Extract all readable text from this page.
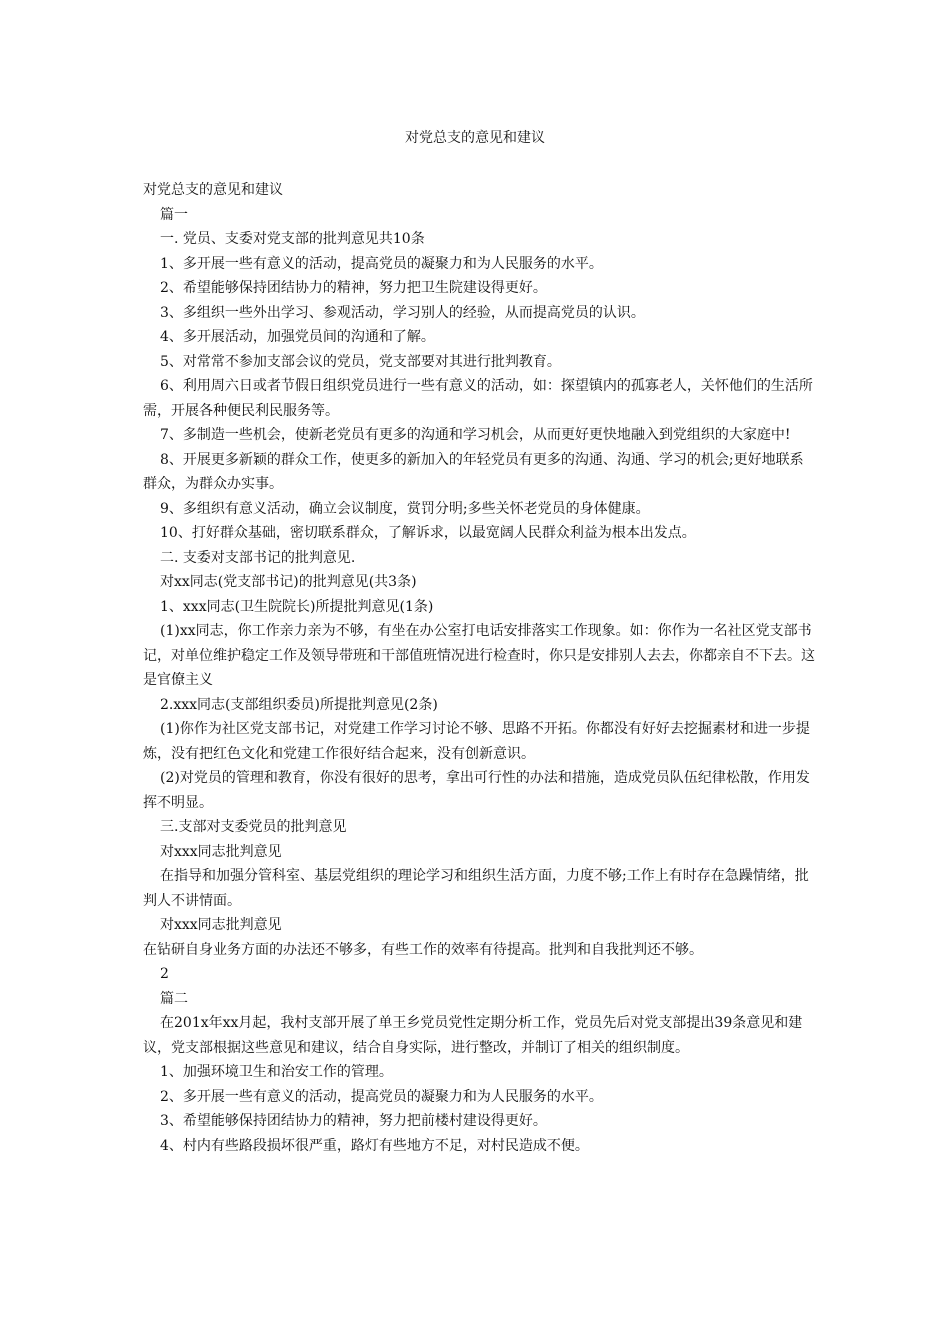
对党总支的意见和建议

对党总支的意见和建议

篇一

一. 党员、支委对党支部的批判意见共10条

1、多开展一些有意义的活动，提高党员的凝聚力和为人民服务的水平。

2、希望能够保持团结协力的精神，努力把卫生院建设得更好。

3、多组织一些外出学习、参观活动，学习别人的经验，从而提高党员的认识。

4、多开展活动，加强党员间的沟通和了解。

5、对常常不参加支部会议的党员，党支部要对其进行批判教育。

6、利用周六日或者节假日组织党员进行一些有意义的活动，如：探望镇内的孤寡老人，关怀他们的生活所需，开展各种便民利民服务等。

7、多制造一些机会，使新老党员有更多的沟通和学习机会，从而更好更快地融入到党组织的大家庭中!

8、开展更多新颖的群众工作，使更多的新加入的年轻党员有更多的沟通、沟通、学习的机会;更好地联系群众，为群众办实事。

9、多组织有意义活动，确立会议制度，赏罚分明;多些关怀老党员的身体健康。

10、打好群众基础，密切联系群众，了解诉求，以最宽阔人民群众利益为根本出发点。

二. 支委对支部书记的批判意见.

对xx同志(党支部书记)的批判意见(共3条)

1、xxx同志(卫生院院长)所提批判意见(1条)

(1)xx同志，你工作亲力亲为不够，有坐在办公室打电话安排落实工作现象。如：你作为一名社区党支部书记，对单位维护稳定工作及领导带班和干部值班情况进行检查时，你只是安排别人去去，你都亲自不下去。这是官僚主义

2.xxx同志(支部组织委员)所提批判意见(2条)

(1)你作为社区党支部书记，对党建工作学习讨论不够、思路不开拓。你都没有好好去挖掘素材和进一步提炼，没有把红色文化和党建工作很好结合起来，没有创新意识。

(2)对党员的管理和教育，你没有很好的思考，拿出可行性的办法和措施，造成党员队伍纪律松散，作用发挥不明显。

三.支部对支委党员的批判意见

对xxx同志批判意见

在指导和加强分管科室、基层党组织的理论学习和组织生活方面，力度不够;工作上有时存在急躁情绪，批判人不讲情面。

对xxx同志批判意见

在钻研自身业务方面的办法还不够多，有些工作的效率有待提高。批判和自我批判还不够。

2

篇二

在201x年xx月起，我村支部开展了单王乡党员党性定期分析工作，党员先后对党支部提出39条意见和建议，党支部根据这些意见和建议，结合自身实际，进行整改，并制订了相关的组织制度。

1、加强环境卫生和治安工作的管理。

2、多开展一些有意义的活动，提高党员的凝聚力和为人民服务的水平。

3、希望能够保持团结协力的精神，努力把前楼村建设得更好。

4、村内有些路段损坏很严重，路灯有些地方不足，对村民造成不便。
